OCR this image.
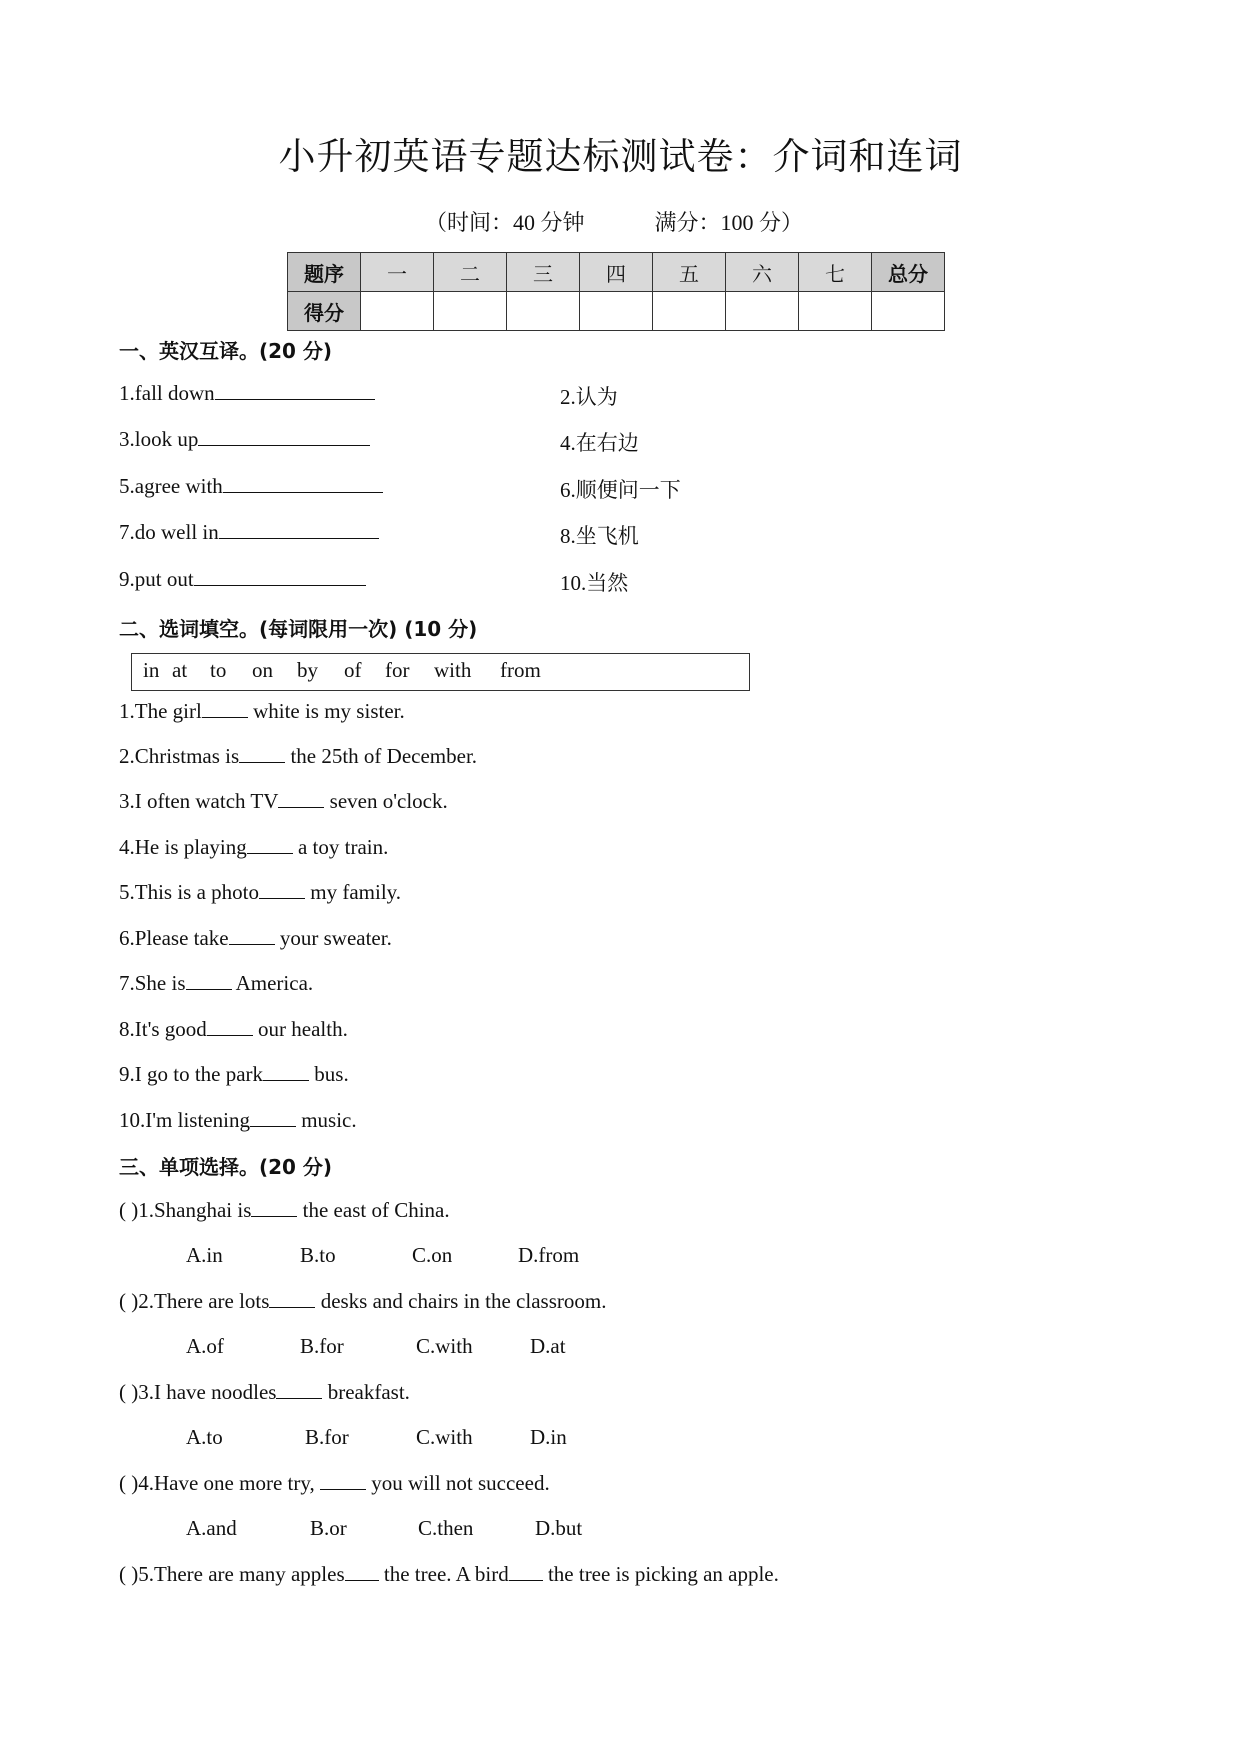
小升初英语专题达标测试卷：介词和连词
（时间：40 分钟	满分：100 分）
题序	一	二	三	四	五	六	七	总分
得分								
一、英汉互译。(20 分)
1.fall down	2.认为
3.look up	4.在右边
5.agree with	6.顺便问一下
7.do well in	8.坐飞机
9.put out	10.当然
二、选词填空。(每词限用一次) (10 分)
in at to on by of for with from
1.The girl white is my sister.
2.Christmas is the 25th of December.
3.I often watch TV seven o'clock.
4.He is playing a toy train.
5.This is a photo my family.
6.Please take your sweater.
7.She is America.
8.It's good our health.
9.I go to the park bus.
10.I'm listening music.
三、单项选择。(20 分)
( )1.Shanghai is the east of China.
A.in	B.to	C.on	D.from
( )2.There are lots desks and chairs in the classroom.
A.of	B.for	C.with	D.at
( )3.I have noodles breakfast.
A.to	B.for	C.with	D.in
( )4.Have one more try,  you will not succeed.
A.and	B.or	C.then	D.but
( )5.There are many apples the tree. A bird the tree is picking an apple.
